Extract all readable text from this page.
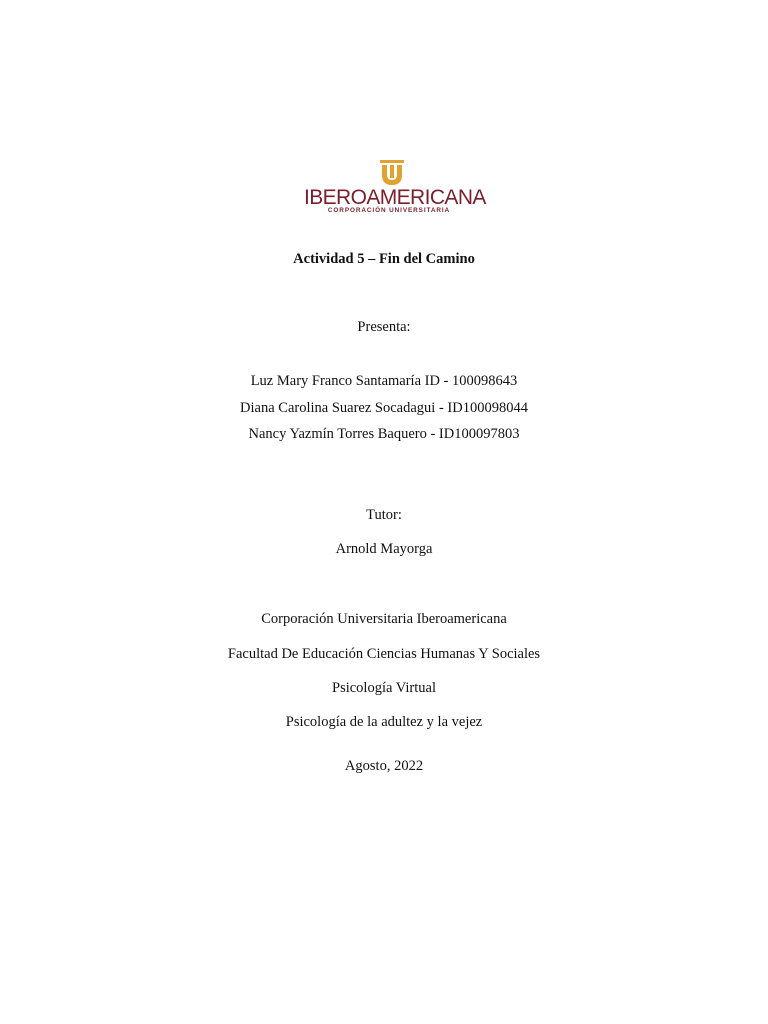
IBEROAMERICANA
CORPORACIÓN UNIVERSITARIA
Actividad 5 – Fin del Camino
Presenta:
Luz Mary Franco Santamaría ID - 100098643
Diana Carolina Suarez Socadagui - ID100098044
Nancy Yazmín Torres Baquero - ID100097803
Tutor:
Arnold Mayorga
Corporación Universitaria Iberoamericana
Facultad De Educación Ciencias Humanas Y Sociales
Psicología Virtual
Psicología de la adultez y la vejez
Agosto, 2022
